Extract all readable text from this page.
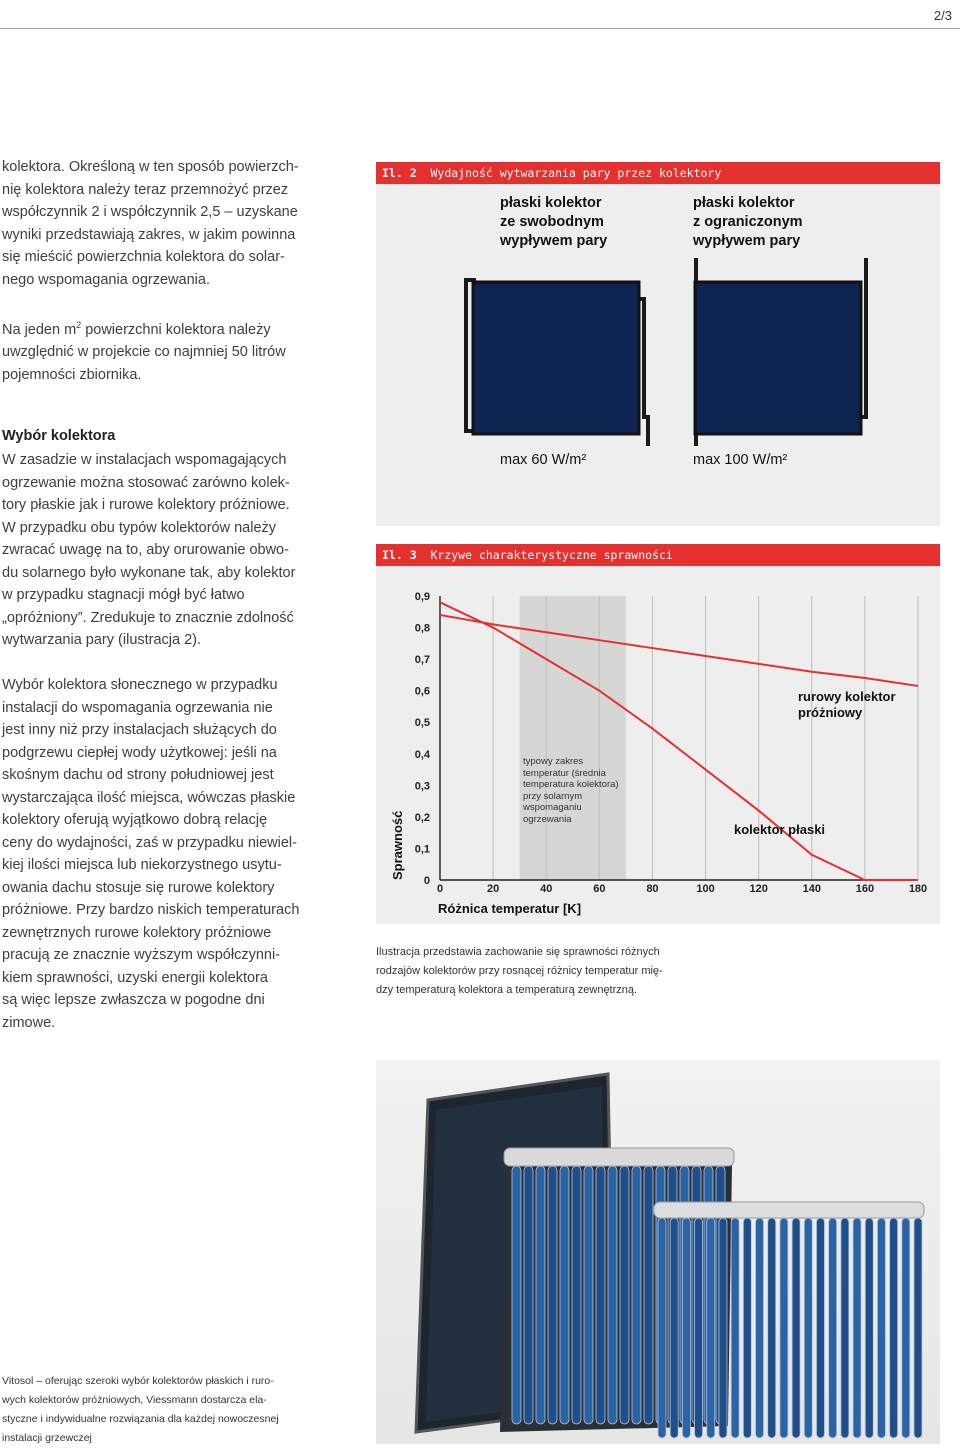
2/3
kolektora. Określoną w ten sposób powierzch-
nię kolektora należy teraz przemnożyć przez
współczynnik 2 i współczynnik 2,5 – uzyskane
wyniki przedstawiają zakres, w jakim powinna
się mieścić powierzchnia kolektora do solar-
nego wspomagania ogrzewania.
Na jeden $m^2$ powierzchni kolektora należy
uwzględnić w projekcie co najmniej 50 litrów
pojemności zbiornika.
Wybór kolektora
W zasadzie w instalacjach wspomagających
ogrzewanie można stosować zarówno kolek-
tory płaskie jak i rurowe kolektory próżniowe.
W przypadku obu typów kolektorów należy
zwracać uwagę na to, aby orurowanie obwo-
du solarnego było wykonane tak, aby kolektor
w przypadku stagnacji mógł być łatwo
„opróżniony”. Zredukuje to znacznie zdolność
wytwarzania pary (ilustracja 2).
Wybór kolektora słonecznego w przypadku
instalacji do wspomagania ogrzewania nie
jest inny niż przy instalacjach służących do
podgrzewu ciepłej wody użytkowej: jeśli na
skośnym dachu od strony południowej jest
wystarczająca ilość miejsca, wówczas płaskie
kolektory oferują wyjątkowo dobrą relację
ceny do wydajności, zaś w przypadku niewiel-
kiej ilości miejsca lub niekorzystnego usytu-
owania dachu stosuje się rurowe kolektory
próżniowe. Przy bardzo niskich temperaturach
zewnętrznych rurowe kolektory próżniowe
pracują ze znacznie wyższym współczynni-
kiem sprawności, uzyski energii kolektora
są więc lepsze zwłaszcza w pogodne dni
zimowe.
Il. 2 Wydajność wytwarzania pary przez kolektory
płaski kolektor
ze swobodnym
wypływem pary
płaski kolektor
z ograniczonym
wypływem pary
max 60 W/m²	max 100 W/m²
Il. 3 Krzywe charakterystyczne sprawności
0
0,1
0,2
0,3
0,4
0,5
0,6
0,7
0,8
0,9
0	20	40	60	80	100	120	140	160	180
Różnica temperatur [K]
Sprawność
rurowy kolektor próżniowy
kolektor płaski
typowy zakres
temperatur (średnia
temperatura kolektora)
przy solarnym
wspomaganiu
ogrzewania
Ilustracja przedstawia zachowanie się sprawności różnych
rodzajów kolektorów przy rosnącej różnicy temperatur mię-
dzy temperaturą kolektora a temperaturą zewnętrzną.
Vitosol – oferując szeroki wybór kolektorów płaskich i ruro-
wych kolektorów próżniowych, Viessmann dostarcza ela-
styczne i indywidualne rozwiązania dla każdej nowoczesnej
instalacji grzewczej
